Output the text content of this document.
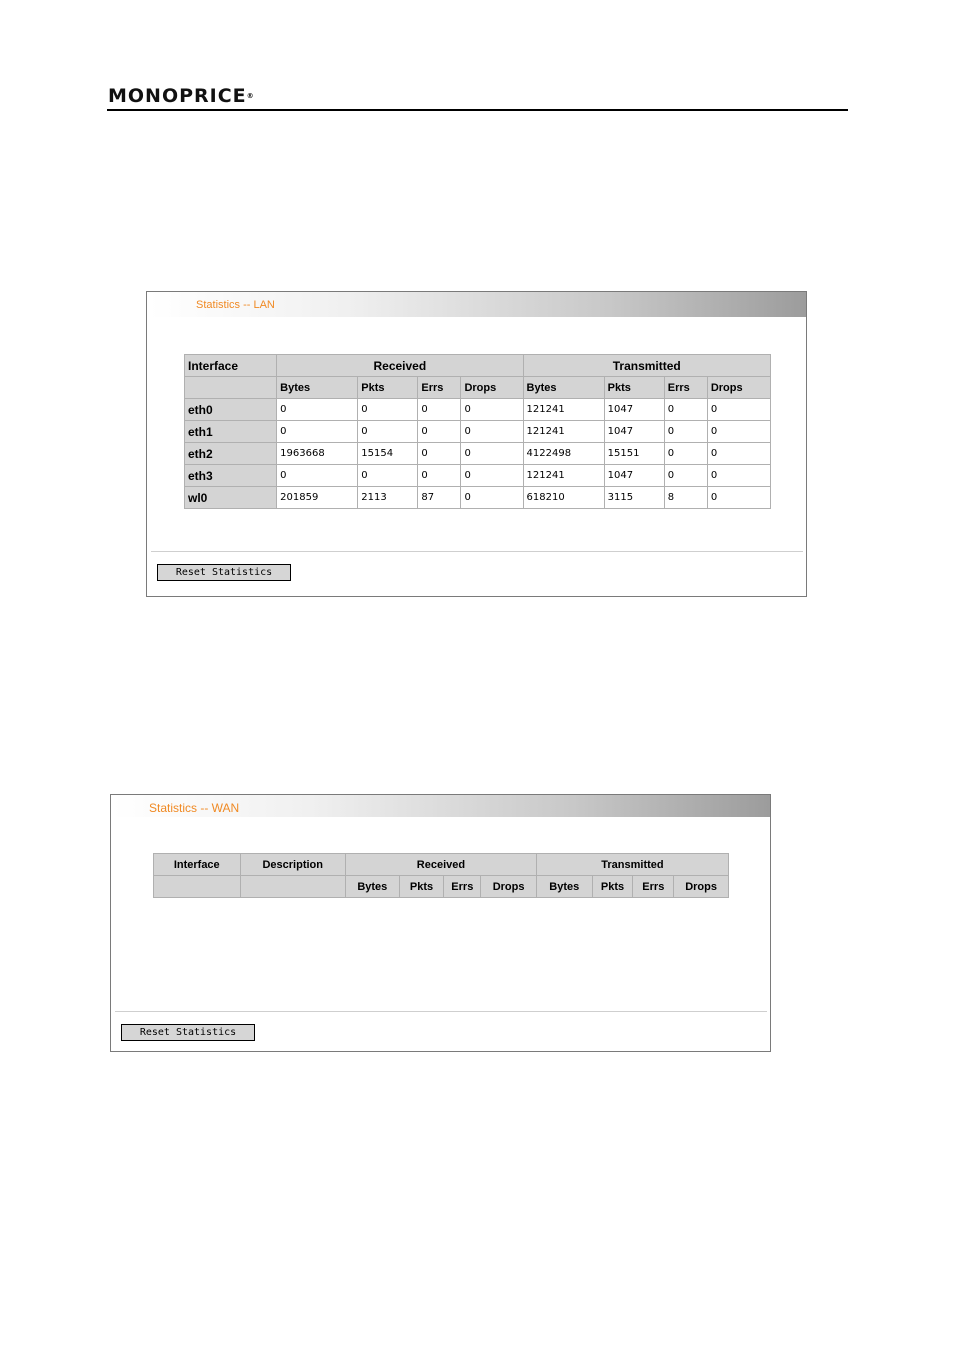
MONOPRICE®
Statistics -- LAN
Interface	Received				Transmitted			
	Bytes	Pkts	Errs	Drops	Bytes	Pkts	Errs	Drops
eth0	0	0	0	0	121241	1047	0	0
eth1	0	0	0	0	121241	1047	0	0
eth2	1963668	15154	0	0	4122498	15151	0	0
eth3	0	0	0	0	121241	1047	0	0
wl0	201859	2113	87	0	618210	3115	8	0
Reset Statistics
Statistics -- WAN
Interface	Description	Received				Transmitted			
		Bytes	Pkts	Errs	Drops	Bytes	Pkts	Errs	Drops
Reset Statistics
